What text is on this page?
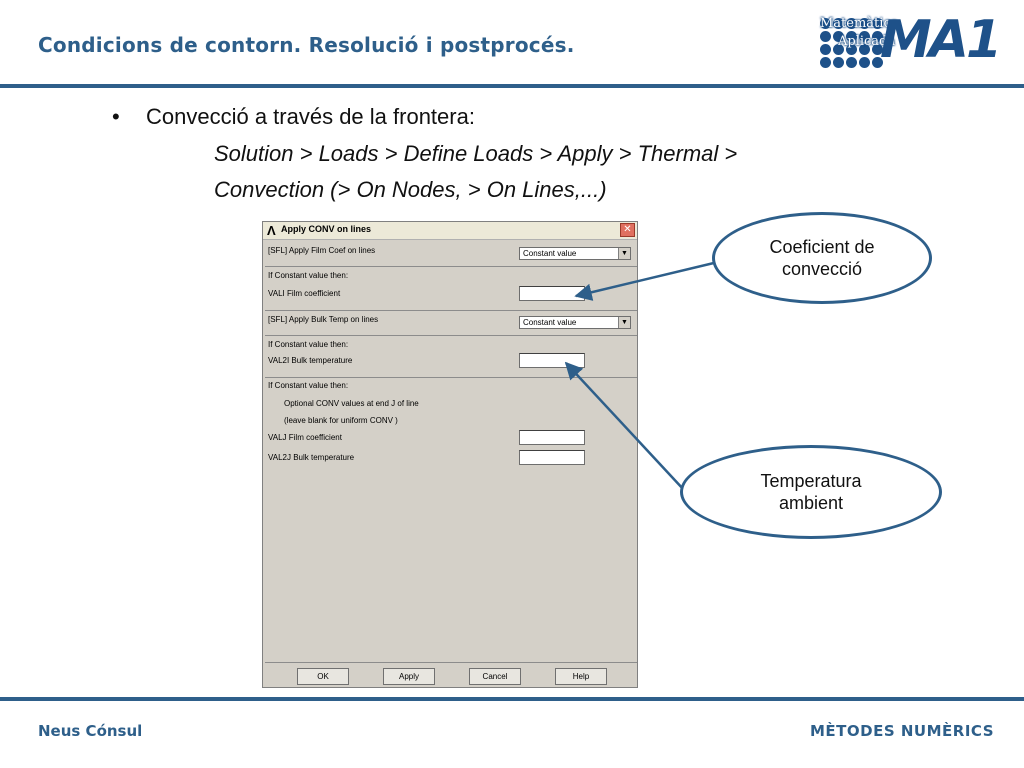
Condicions de contorn. Resolució i postprocés.
Matemàtica
Aplicada
MA1
• Convecció a través de la frontera:
Solution > Loads > Define Loads > Apply > Thermal >
Convection (> On Nodes, > On Lines,...)
Λ Apply CONV on lines	✕
[SFL] Apply Film Coef on lines	Constant value	▼
If Constant value then:
VALI Film coefficient
[SFL] Apply Bulk Temp on lines	Constant value	▼
If Constant value then:
VAL2I Bulk temperature
If Constant value then:
Optional CONV values at end J of line
(leave blank for uniform CONV )
VALJ Film coefficient
VAL2J Bulk temperature
OK	Apply	Cancel	Help
Coeficient de
convecció
Temperatura
ambient
Neus Cónsul	MÈTODES NUMÈRICS
